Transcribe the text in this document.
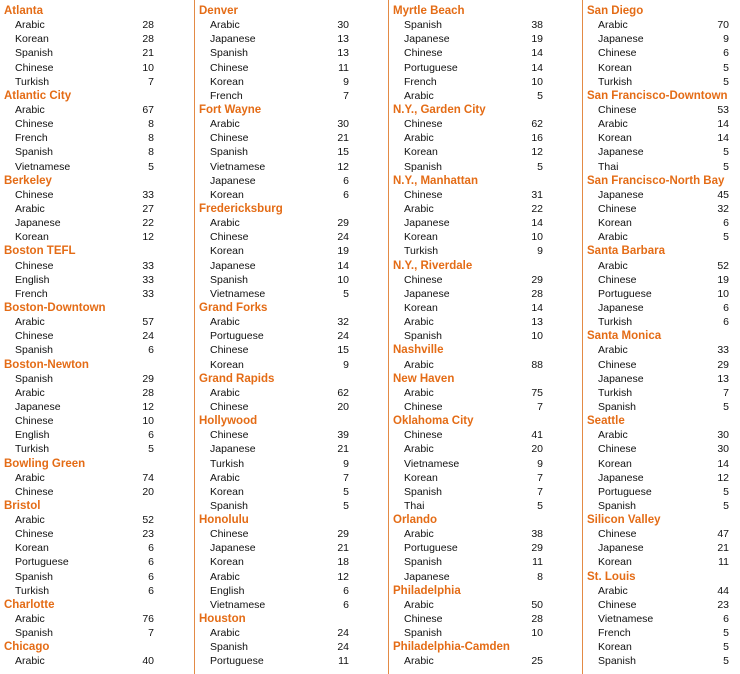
Atlanta
Arabic	28
Korean	28
Spanish	21
Chinese	10
Turkish	7
Atlantic City
Arabic	67
Chinese	8
French	8
Spanish	8
Vietnamese	5
Berkeley
Chinese	33
Arabic	27
Japanese	22
Korean	12
Boston TEFL
Chinese	33
English	33
French	33
Boston-Downtown
Arabic	57
Chinese	24
Spanish	6
Boston-Newton
Spanish	29
Arabic	28
Japanese	12
Chinese	10
English	6
Turkish	5
Bowling Green
Arabic	74
Chinese	20
Bristol
Arabic	52
Chinese	23
Korean	6
Portuguese	6
Spanish	6
Turkish	6
Charlotte
Arabic	76
Spanish	7
Chicago
Arabic	40
Denver
Arabic	30
Japanese	13
Spanish	13
Chinese	11
Korean	9
French	7
Fort Wayne
Arabic	30
Chinese	21
Spanish	15
Vietnamese	12
Japanese	6
Korean	6
Fredericksburg
Arabic	29
Chinese	24
Korean	19
Japanese	14
Spanish	10
Vietnamese	5
Grand Forks
Arabic	32
Portuguese	24
Chinese	15
Korean	9
Grand Rapids
Arabic	62
Chinese	20
Hollywood
Chinese	39
Japanese	21
Turkish	9
Arabic	7
Korean	5
Spanish	5
Honolulu
Chinese	29
Japanese	21
Korean	18
Arabic	12
English	6
Vietnamese	6
Houston
Arabic	24
Spanish	24
Portuguese	11
Myrtle Beach
Spanish	38
Japanese	19
Chinese	14
Portuguese	14
French	10
Arabic	5
N.Y., Garden City
Chinese	62
Arabic	16
Korean	12
Spanish	5
N.Y., Manhattan
Chinese	31
Arabic	22
Japanese	14
Korean	10
Turkish	9
N.Y., Riverdale
Chinese	29
Japanese	28
Korean	14
Arabic	13
Spanish	10
Nashville
Arabic	88
New Haven
Arabic	75
Chinese	7
Oklahoma City
Chinese	41
Arabic	20
Vietnamese	9
Korean	7
Spanish	7
Thai	5
Orlando
Arabic	38
Portuguese	29
Spanish	11
Japanese	8
Philadelphia
Arabic	50
Chinese	28
Spanish	10
Philadelphia-Camden
Arabic	25
San Diego
Arabic	70
Japanese	9
Chinese	6
Korean	5
Turkish	5
San Francisco-Downtown
Chinese	53
Arabic	14
Korean	14
Japanese	5
Thai	5
San Francisco-North Bay
Japanese	45
Chinese	32
Korean	6
Arabic	5
Santa Barbara
Arabic	52
Chinese	19
Portuguese	10
Japanese	6
Turkish	6
Santa Monica
Arabic	33
Chinese	29
Japanese	13
Turkish	7
Spanish	5
Seattle
Arabic	30
Chinese	30
Korean	14
Japanese	12
Portuguese	5
Spanish	5
Silicon Valley
Chinese	47
Japanese	21
Korean	11
St. Louis
Arabic	44
Chinese	23
Vietnamese	6
French	5
Korean	5
Spanish	5
